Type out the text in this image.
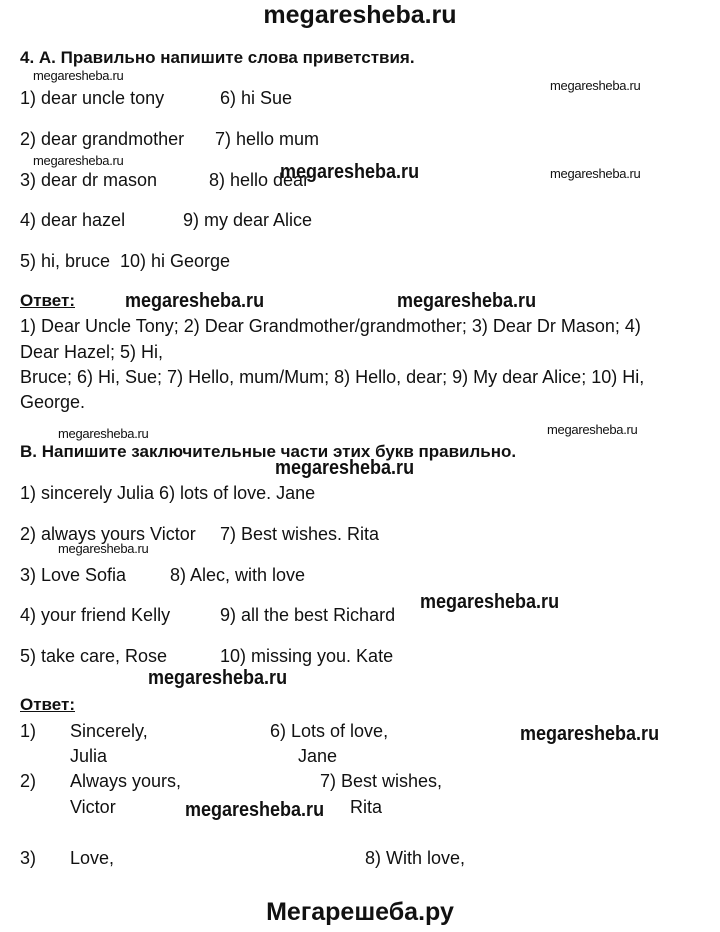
megaresheba.ru
4. А. Правильно напишите слова приветствия.
megaresheba.ru
megaresheba.ru
1) dear uncle tony	6) hi Sue
2) dear grandmother 7) hello mum
megaresheba.ru
3) dear dr mason	8) hello dear
megaresheba.ru	megaresheba.ru
4) dear hazel	9) my dear Alice
5) hi, bruce 10) hi George
Ответ:	megaresheba.ru	megaresheba.ru
1) Dear Uncle Tony; 2) Dear Grandmother/grandmother; 3) Dear Dr Mason; 4)
Dear Hazel; 5) Hi,
Bruce; 6) Hi, Sue; 7) Hello, mum/Mum; 8) Hello, dear; 9) My dear Alice; 10) Hi,
George.
megaresheba.ru	megaresheba.ru
B. Напишите заключительные части этих букв правильно.
megaresheba.ru
1) sincerely Julia 6) lots of love. Jane
2) always yours Victor 7) Best wishes. Rita
megaresheba.ru
3) Love Sofia 8) Alec, with love
4) your friend Kelly	9) all the best Richard
megaresheba.ru
5) take care, Rose	10) missing you. Kate
megaresheba.ru
Ответ:
1) Sincerely,	6) Lots of love,	megaresheba.ru
Julia	Jane
2) Always yours,	7) Best wishes,
Victor	megaresheba.ru Rita
3) Love,	8) With love,
Мегарешеба.ру
